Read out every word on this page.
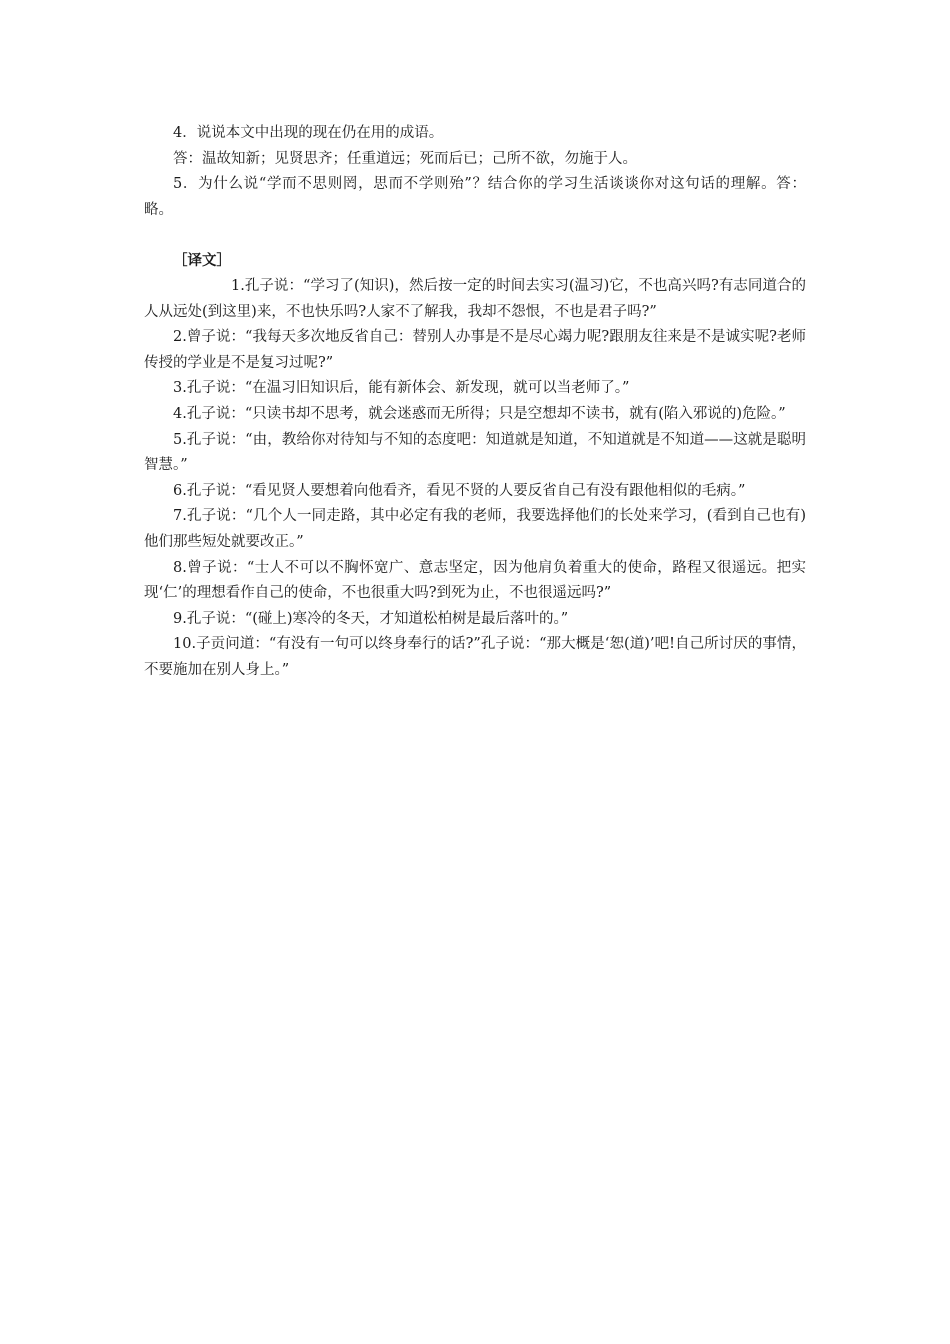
4．说说本文中出现的现在仍在用的成语。

答：温故知新；见贤思齐；任重道远；死而后已；己所不欲，勿施于人。

5．为什么说“学而不思则罔，思而不学则殆”？结合你的学习生活谈谈你对这句话的理解。答：略。

［译文］

1.孔子说：“学习了(知识)，然后按一定的时间去实习(温习)它，不也高兴吗?有志同道合的人从远处(到这里)来，不也快乐吗?人家不了解我，我却不怨恨，不也是君子吗?”

2.曾子说：“我每天多次地反省自己：替别人办事是不是尽心竭力呢?跟朋友往来是不是诚实呢?老师传授的学业是不是复习过呢?”

3.孔子说：“在温习旧知识后，能有新体会、新发现，就可以当老师了。”

4.孔子说：“只读书却不思考，就会迷惑而无所得；只是空想却不读书，就有(陷入邪说的)危险。”

5.孔子说：“由，教给你对待知与不知的态度吧：知道就是知道，不知道就是不知道——这就是聪明智慧。”

6.孔子说：“看见贤人要想着向他看齐，看见不贤的人要反省自己有没有跟他相似的毛病。”

7.孔子说：“几个人一同走路，其中必定有我的老师，我要选择他们的长处来学习，(看到自己也有)他们那些短处就要改正。”

8.曾子说：“士人不可以不胸怀宽广、意志坚定，因为他肩负着重大的使命，路程又很遥远。把实现‘仁’的理想看作自己的使命，不也很重大吗?到死为止，不也很遥远吗?”

9.孔子说：“(碰上)寒冷的冬天，才知道松柏树是最后落叶的。”

10.子贡问道：“有没有一句可以终身奉行的话?”孔子说：“那大概是‘恕(道)’吧!自己所讨厌的事情，不要施加在别人身上。”
